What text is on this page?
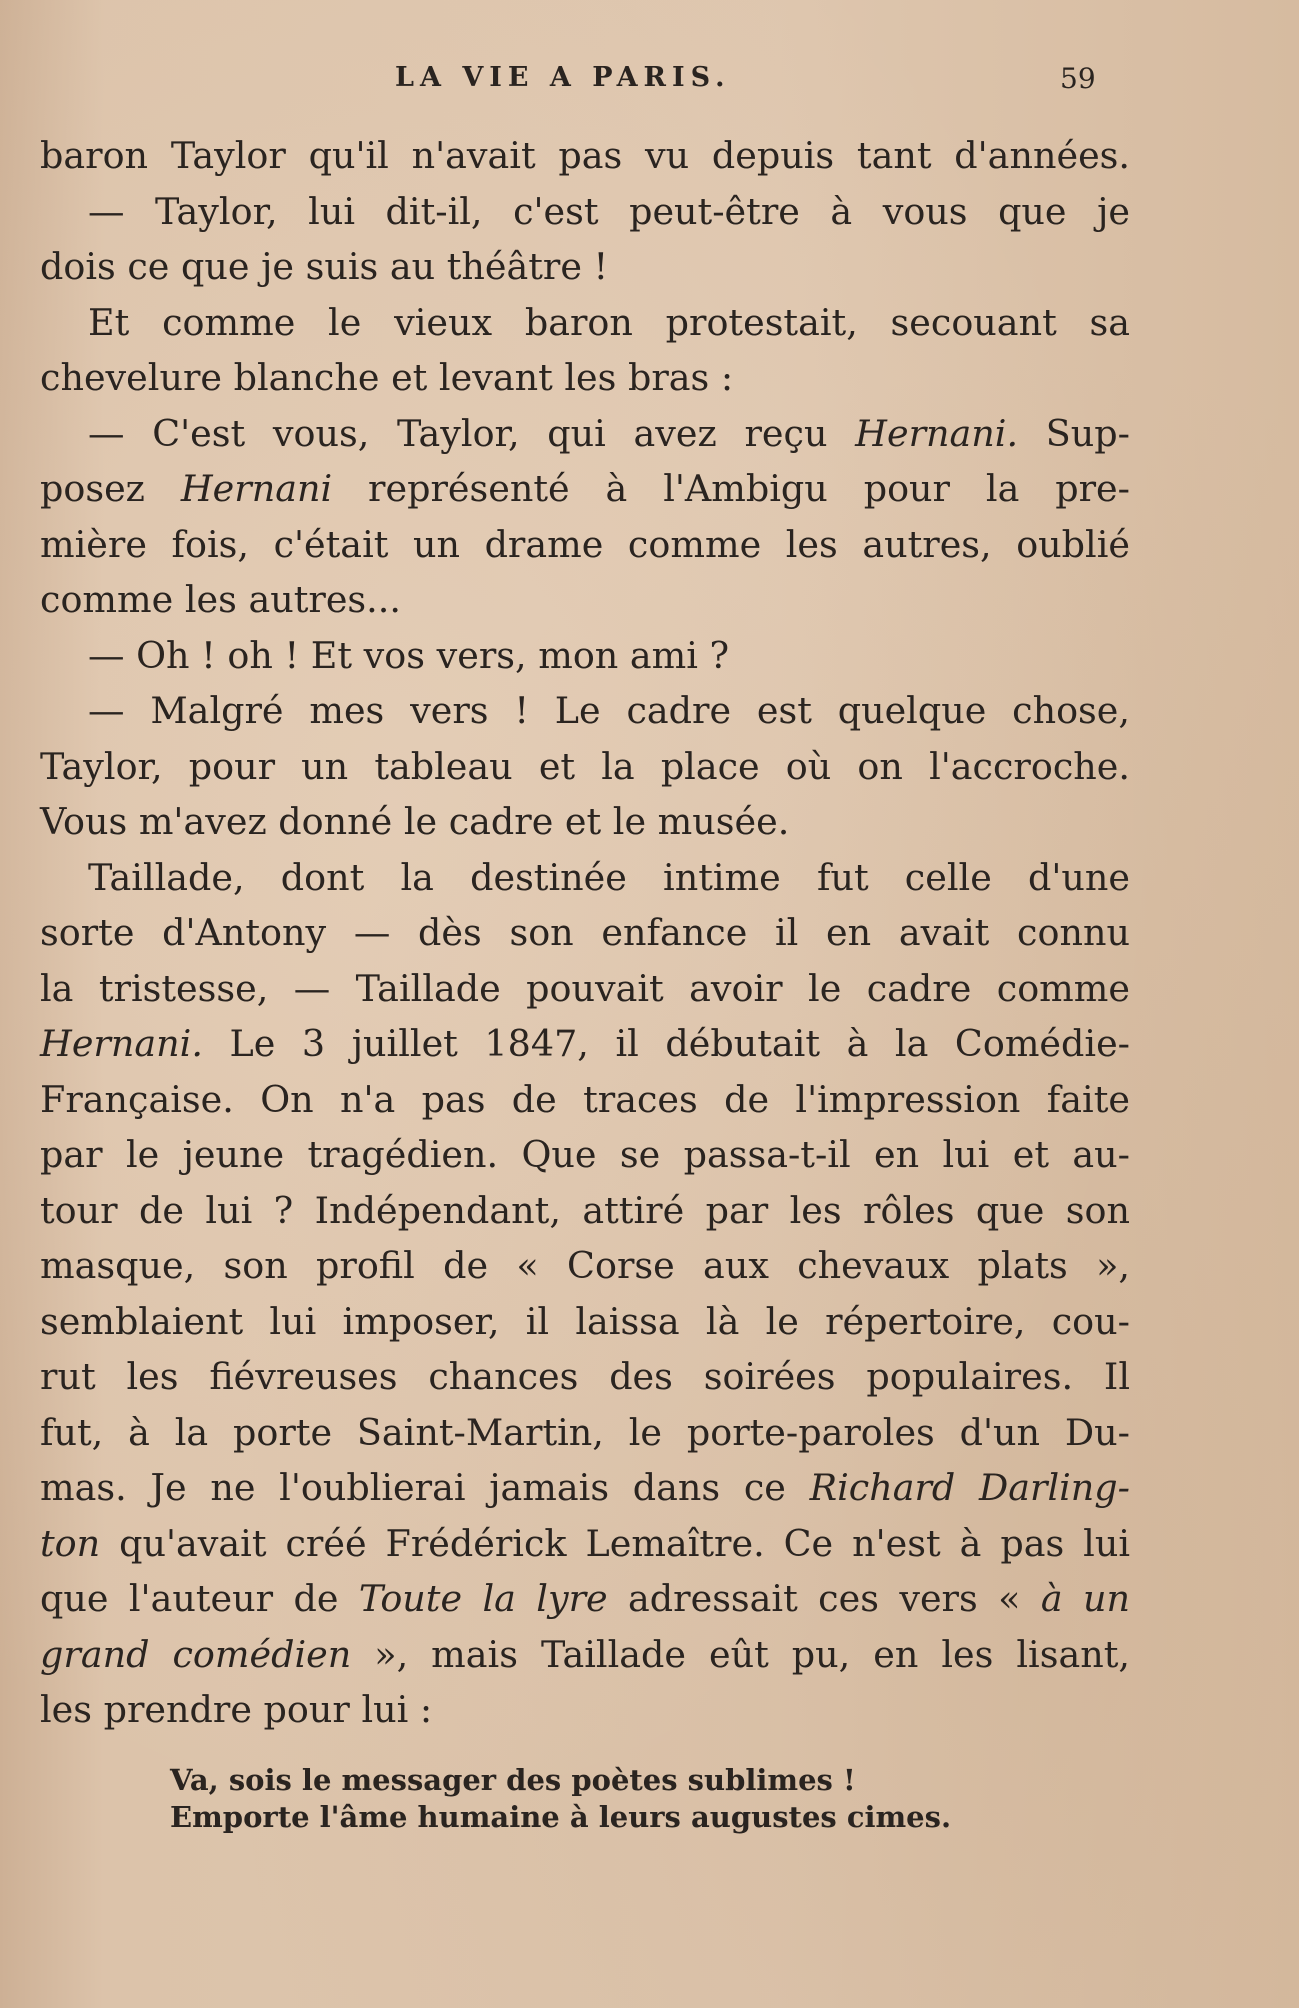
LA VIE A PARIS.	59
baron Taylor qu'il n'avait pas vu depuis tant d'années.
— Taylor, lui dit-il, c'est peut-être à vous que je
dois ce que je suis au théâtre !
Et comme le vieux baron protestait, secouant sa
chevelure blanche et levant les bras :
— C'est vous, Taylor, qui avez reçu Hernani. Sup-
posez Hernani représenté à l'Ambigu pour la pre-
mière fois, c'était un drame comme les autres, oublié
comme les autres...
— Oh ! oh ! Et vos vers, mon ami ?
— Malgré mes vers ! Le cadre est quelque chose,
Taylor, pour un tableau et la place où on l'accroche.
Vous m'avez donné le cadre et le musée.
Taillade, dont la destinée intime fut celle d'une
sorte d'Antony — dès son enfance il en avait connu
la tristesse, — Taillade pouvait avoir le cadre comme
Hernani. Le 3 juillet 1847, il débutait à la Comédie-
Française. On n'a pas de traces de l'impression faite
par le jeune tragédien. Que se passa-t-il en lui et au-
tour de lui ? Indépendant, attiré par les rôles que son
masque, son profil de « Corse aux chevaux plats »,
semblaient lui imposer, il laissa là le répertoire, cou-
rut les fiévreuses chances des soirées populaires. Il
fut, à la porte Saint-Martin, le porte-paroles d'un Du-
mas. Je ne l'oublierai jamais dans ce Richard Darling-
ton qu'avait créé Frédérick Lemaître. Ce n'est à pas lui
que l'auteur de Toute la lyre adressait ces vers « à un
grand comédien », mais Taillade eût pu, en les lisant,
les prendre pour lui :
Va, sois le messager des poètes sublimes !
Emporte l'âme humaine à leurs augustes cimes.
